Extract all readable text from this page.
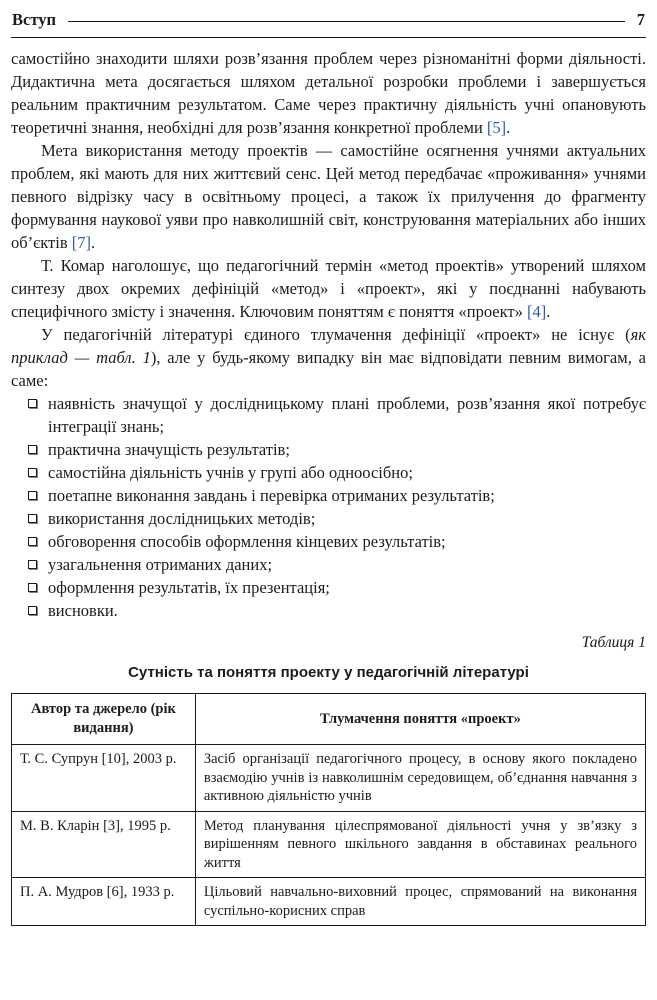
Вступ	7

самостійно знаходити шляхи розв’язання проблем через різноманітні форми діяльності. Дидактична мета досягається шляхом детальної розробки проблеми і завершується реальним практичним результатом. Саме через практичну діяльність учні опановують теоретичні знання, необхідні для розв’язання конкретної проблеми [5].

Мета використання методу проектів — самостійне осягнення учнями актуальних проблем, які мають для них життєвий сенс. Цей метод передбачає «проживання» учнями певного відрізку часу в освітньому процесі, а також їх прилучення до фрагменту формування наукової уяви про навколишній світ, конструювання матеріальних або інших об’єктів [7].

Т. Комар наголошує, що педагогічний термін «метод проектів» утворений шляхом синтезу двох окремих дефініцій «метод» і «проект», які у поєднанні набувають специфічного змісту і значення. Ключовим поняттям є поняття «проект» [4].

У педагогічній літературі єдиного тлумачення дефініції «проект» не існує (як приклад — табл. 1), але у будь-якому випадку він має відповідати певним вимогам, а саме:

наявність значущої у дослідницькому плані проблеми, розв’язання якої потребує інтеграції знань;
практична значущість результатів;
самостійна діяльність учнів у групі або одноосібно;
поетапне виконання завдань і перевірка отриманих результатів;
використання дослідницьких методів;
обговорення способів оформлення кінцевих результатів;
узагальнення отриманих даних;
оформлення результатів, їх презентація;
висновки.
Таблиця 1
Сутність та поняття проекту у педагогічній літературі
Автор та джерело (рік видання)	Тлумачення поняття «проект»
Т. С. Супрун [10], 2003 р.	Засіб організації педагогічного процесу, в основу якого покладено взаємодію учнів із навколишнім середовищем, об’єднання навчання з активною діяльністю учнів
М. В. Кларін [3], 1995 р.	Метод планування цілеспрямованої діяльності учня у зв’язку з вирішенням певного шкільного завдання в обставинах реального життя
П. А. Мудров [6], 1933 р.	Цільовий навчально-виховний процес, спрямований на виконання суспільно-корисних справ
